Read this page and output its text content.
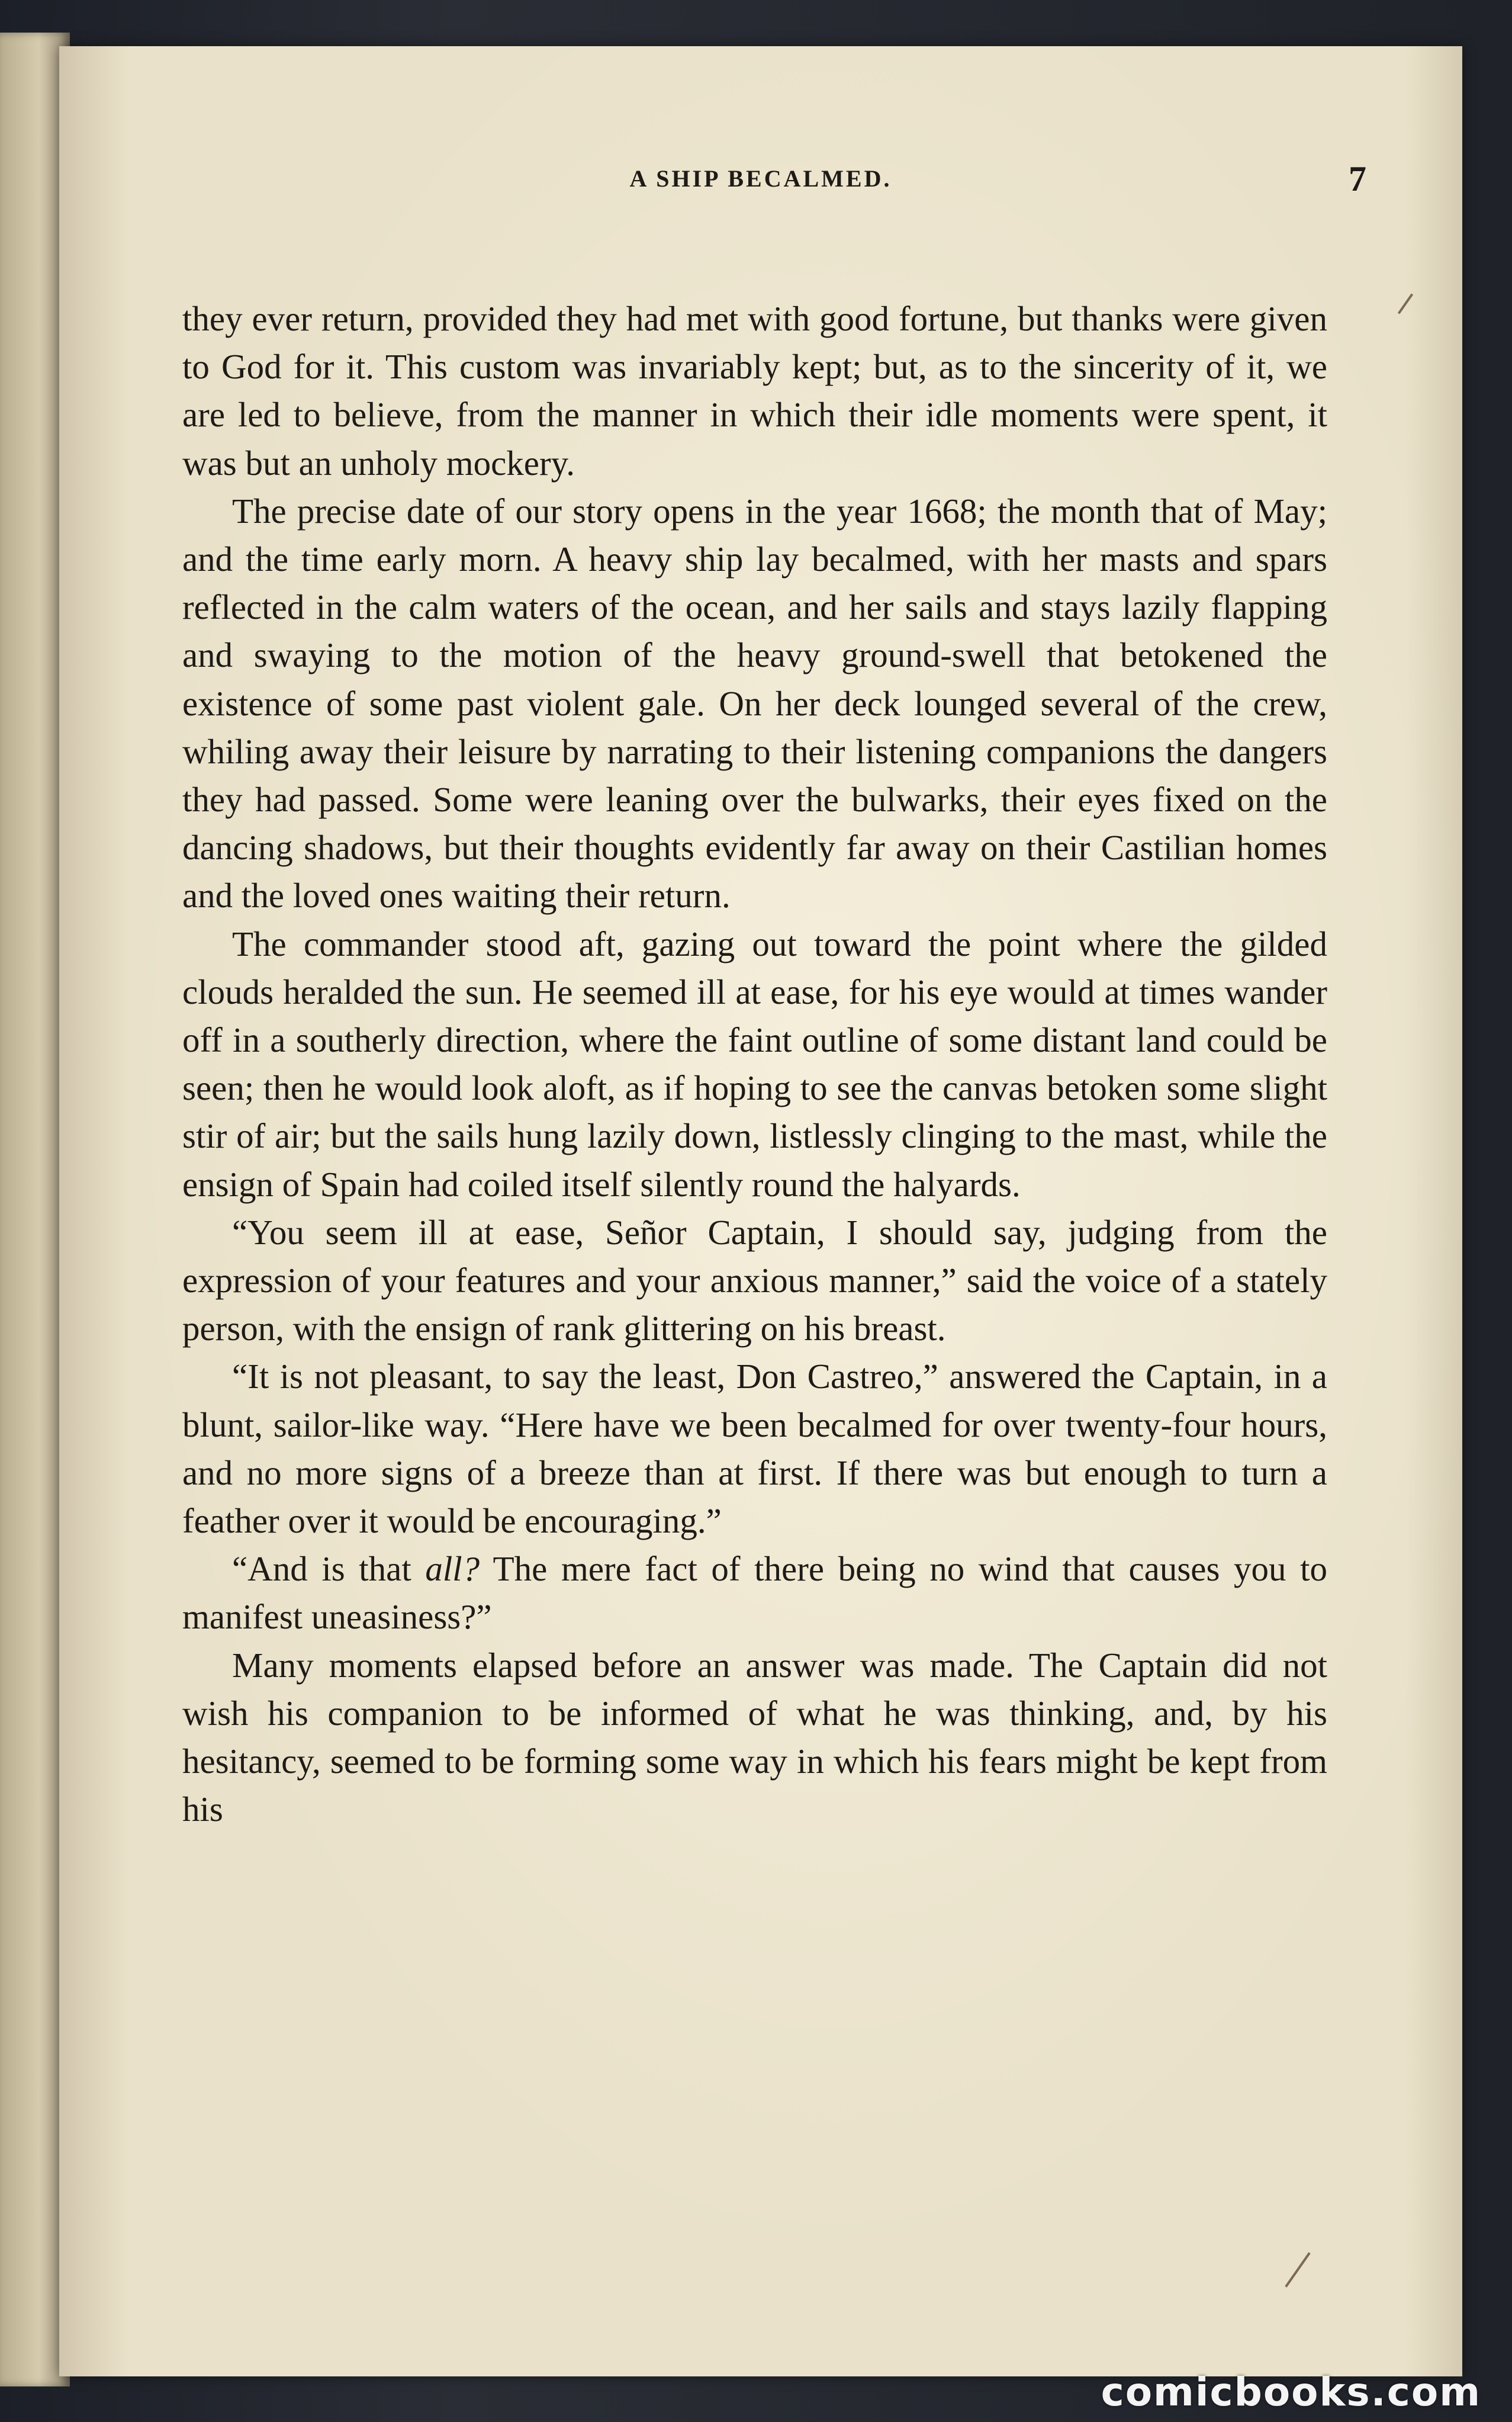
A SHIP BECALMED.	7

they ever return, provided they had met with good fortune, but thanks were given to God for it. This custom was invariably kept; but, as to the sincerity of it, we are led to believe, from the manner in which their idle moments were spent, it was but an unholy mockery.

The precise date of our story opens in the year 1668; the month that of May; and the time early morn. A heavy ship lay becalmed, with her masts and spars reflected in the calm waters of the ocean, and her sails and stays lazily flapping and swaying to the motion of the heavy ground-swell that betokened the existence of some past violent gale. On her deck lounged several of the crew, whiling away their leisure by narrating to their listening companions the dangers they had passed. Some were leaning over the bulwarks, their eyes fixed on the dancing shadows, but their thoughts evidently far away on their Castilian homes and the loved ones waiting their return.

The commander stood aft, gazing out toward the point where the gilded clouds heralded the sun. He seemed ill at ease, for his eye would at times wander off in a southerly direction, where the faint outline of some distant land could be seen; then he would look aloft, as if hoping to see the canvas betoken some slight stir of air; but the sails hung lazily down, listlessly clinging to the mast, while the ensign of Spain had coiled itself silently round the halyards.

“You seem ill at ease, Señor Captain, I should say, judging from the expression of your features and your anxious manner,” said the voice of a stately person, with the ensign of rank glittering on his breast.

“It is not pleasant, to say the least, Don Castreo,” answered the Captain, in a blunt, sailor-like way. “Here have we been becalmed for over twenty-four hours, and no more signs of a breeze than at first. If there was but enough to turn a feather over it would be encouraging.”

“And is that all? The mere fact of there being no wind that causes you to manifest uneasiness?”

Many moments elapsed before an answer was made. The Captain did not wish his companion to be informed of what he was thinking, and, by his hesitancy, seemed to be forming some way in which his fears might be kept from his

comicbooks.com
